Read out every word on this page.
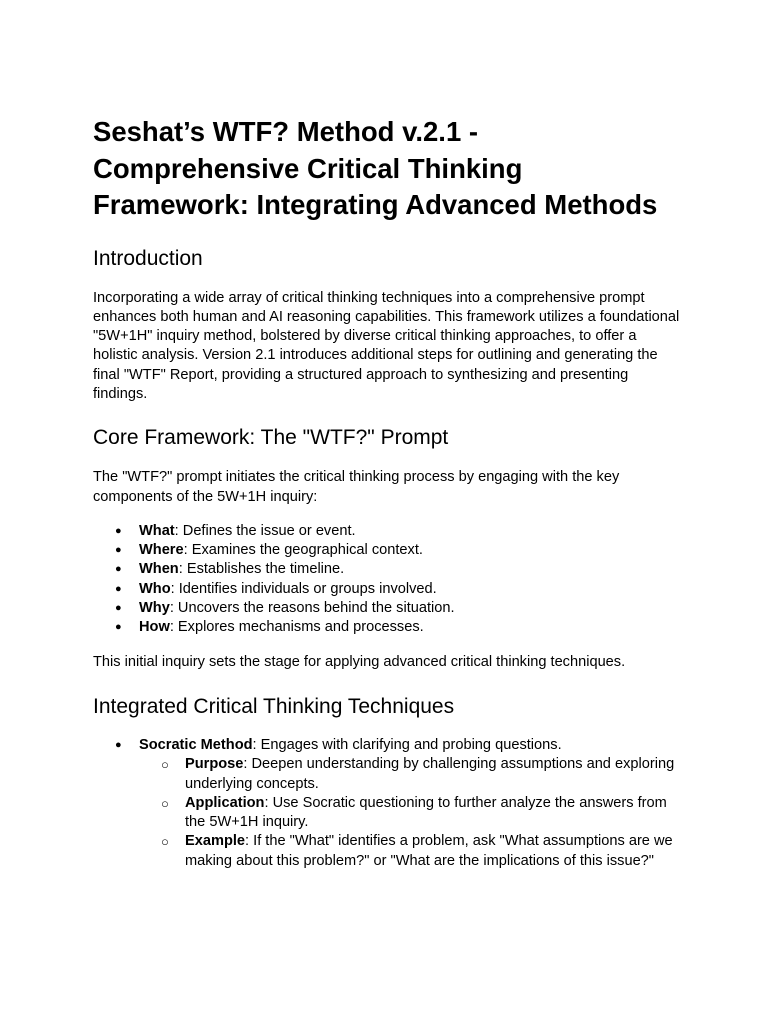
Seshat’s WTF? Method v.2.1 - Comprehensive Critical Thinking Framework: Integrating Advanced Methods
Introduction

Incorporating a wide array of critical thinking techniques into a comprehensive prompt enhances both human and AI reasoning capabilities. This framework utilizes a foundational "5W+1H" inquiry method, bolstered by diverse critical thinking approaches, to offer a holistic analysis. Version 2.1 introduces additional steps for outlining and generating the final "WTF" Report, providing a structured approach to synthesizing and presenting findings.

Core Framework: The "WTF?" Prompt

The "WTF?" prompt initiates the critical thinking process by engaging with the key components of the 5W+1H inquiry:

● What: Defines the issue or event.
● Where: Examines the geographical context.
● When: Establishes the timeline.
● Who: Identifies individuals or groups involved.
● Why: Uncovers the reasons behind the situation.
● How: Explores mechanisms and processes.

This initial inquiry sets the stage for applying advanced critical thinking techniques.

Integrated Critical Thinking Techniques
● Socratic Method: Engages with clarifying and probing questions.
○ Purpose: Deepen understanding by challenging assumptions and exploring underlying concepts.
○ Application: Use Socratic questioning to further analyze the answers from the 5W+1H inquiry.
○ Example: If the "What" identifies a problem, ask "What assumptions are we making about this problem?" or "What are the implications of this issue?"
